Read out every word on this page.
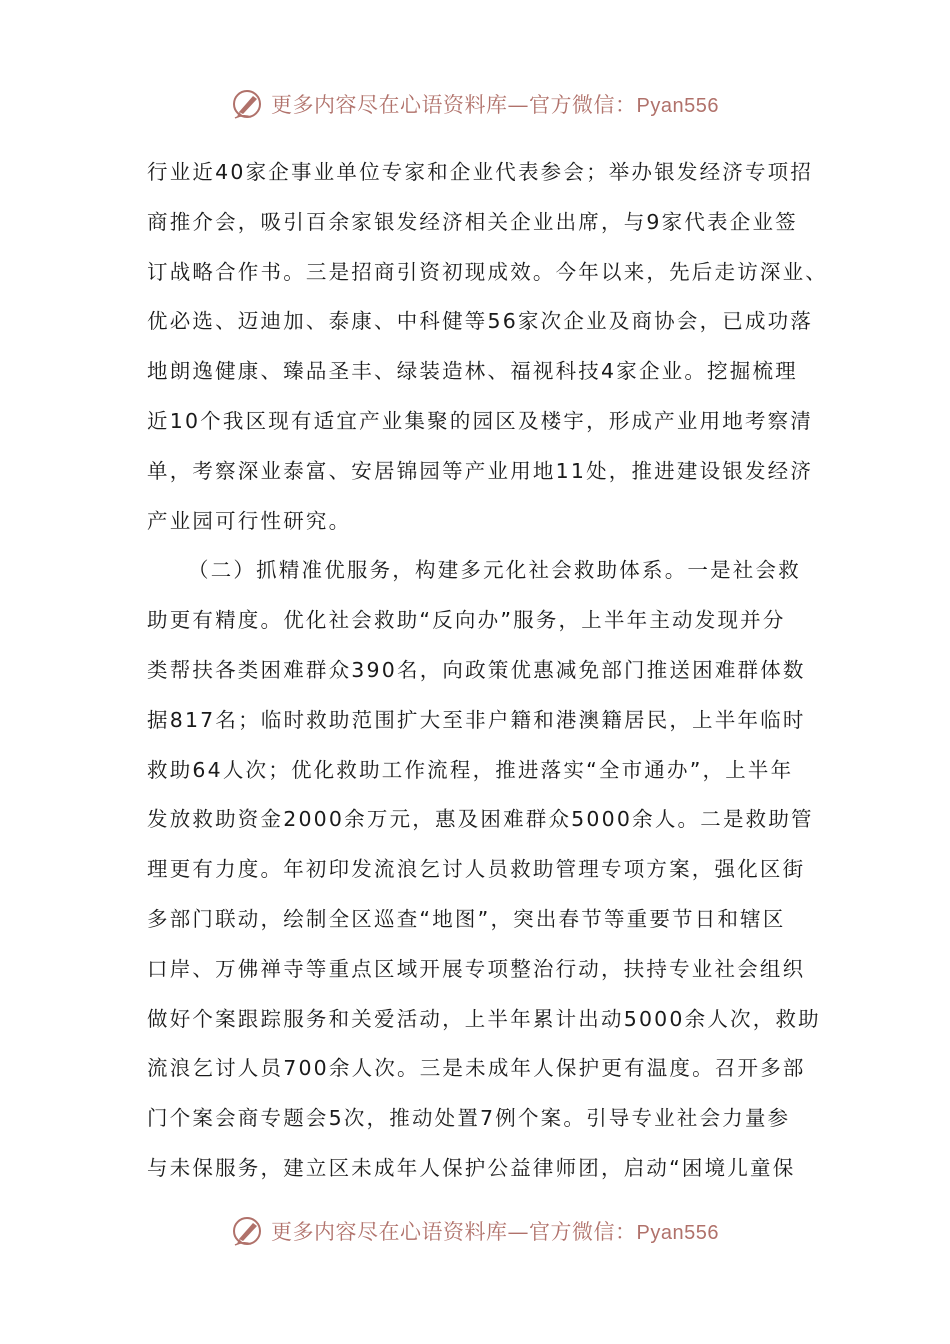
更多内容尽在心语资料库—官方微信：Pyan556
行业近40家企事业单位专家和企业代表参会；举办银发经济专项招
商推介会，吸引百余家银发经济相关企业出席，与9家代表企业签
订战略合作书。三是招商引资初现成效。今年以来，先后走访深业、
优必选、迈迪加、泰康、中科健等56家次企业及商协会，已成功落
地朗逸健康、臻品圣丰、绿装造林、福视科技4家企业。挖掘梳理
近10个我区现有适宜产业集聚的园区及楼宇，形成产业用地考察清
单，考察深业泰富、安居锦园等产业用地11处，推进建设银发经济
产业园可行性研究。
（二）抓精准优服务，构建多元化社会救助体系。一是社会救
助更有精度。优化社会救助“反向办”服务，上半年主动发现并分
类帮扶各类困难群众390名，向政策优惠减免部门推送困难群体数
据817名；临时救助范围扩大至非户籍和港澳籍居民，上半年临时
救助64人次；优化救助工作流程，推进落实“全市通办”，上半年
发放救助资金2000余万元，惠及困难群众5000余人。二是救助管
理更有力度。年初印发流浪乞讨人员救助管理专项方案，强化区街
多部门联动，绘制全区巡查“地图”，突出春节等重要节日和辖区
口岸、万佛禅寺等重点区域开展专项整治行动，扶持专业社会组织
做好个案跟踪服务和关爱活动，上半年累计出动5000余人次，救助
流浪乞讨人员700余人次。三是未成年人保护更有温度。召开多部
门个案会商专题会5次，推动处置7例个案。引导专业社会力量参
与未保服务，建立区未成年人保护公益律师团，启动“困境儿童保
更多内容尽在心语资料库—官方微信：Pyan556
